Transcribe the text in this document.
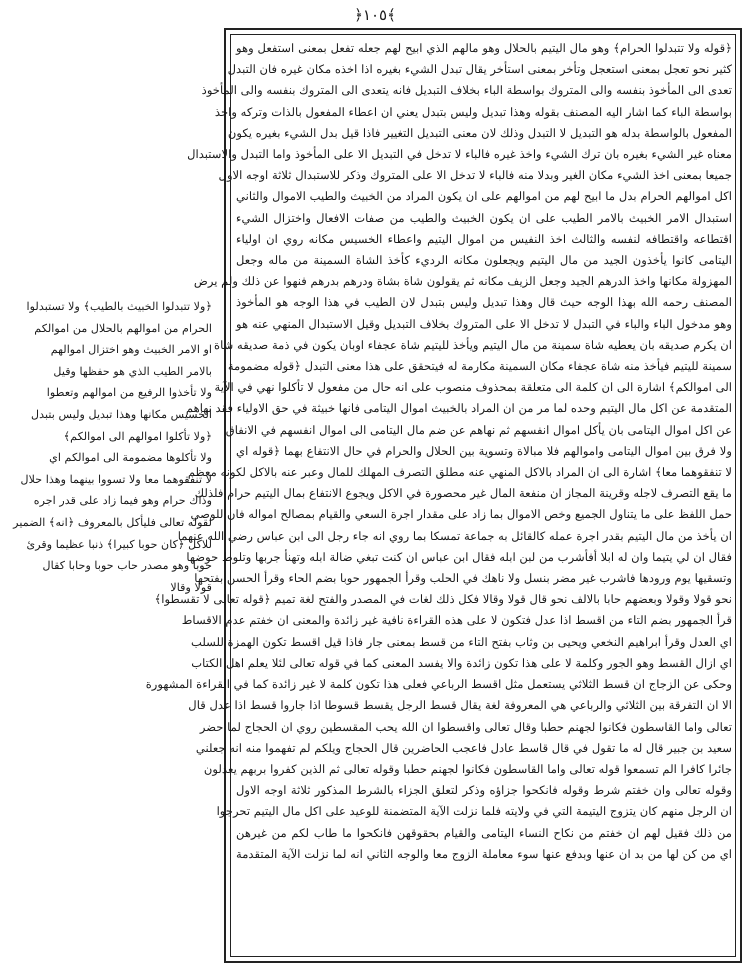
﴿١٠٥﴾
﴿قوله ولا تتبدلوا الحرام﴾ وهو مال اليتيم بالحلال وهو مالهم الذي ابيح لهم جعله تفعل بمعنى استفعل وهو
كثير نحو تعجل بمعنى استعجل وتأخر بمعنى استأخر يقال تبدل الشيء بغيره اذا اخذه مكان غيره فان التبدل
تعدى الى المأخوذ بنفسه والى المتروك بواسطة الباء بخلاف التبديل فانه يتعدى الى المتروك بنفسه والى المأخوذ
بواسطة الباء كما اشار اليه المصنف بقوله وهذا تبديل وليس بتبدل يعني ان اعطاء المفعول بالذات وتركه واخذ
المفعول بالواسطة بدله هو التبديل لا التبدل وذلك لان معنى التبديل التغيير فاذا قيل بدل الشيء بغيره يكون
معناه غير الشيء بغيره بان ترك الشيء واخذ غيره فالباء لا تدخل في التبديل الا على المأخوذ واما التبدل والاستبدال
جميعا بمعنى اخذ الشيء مكان الغير وبدلا منه فالباء لا تدخل الا على المتروك وذكر للاستبدال ثلاثة اوجه الاول
اكل اموالهم الحرام بدل ما ابيح لهم من اموالهم على ان يكون المراد من الخبيث والطيب الاموال والثاني
استبدال الامر الخبيث بالامر الطيب على ان يكون الخبيث والطيب من صفات الافعال واختزال الشيء
اقتطاعه واقتطافه لنفسه والثالث اخذ النفيس من اموال اليتيم واعطاء الخسيس مكانه روي ان اولياء
اليتامى كانوا يأخذون الجيد من مال اليتيم ويجعلون مكانه الرديء كأخذ الشاة السمينة من ماله وجعل
المهزولة مكانها واخذ الدرهم الجيد وجعل الزيف مكانه ثم يقولون شاة بشاة ودرهم بدرهم فنهوا عن ذلك ولم يرض
المصنف رحمه الله بهذا الوجه حيث قال وهذا تبديل وليس بتبدل لان الطيب في هذا الوجه هو المأخوذ
وهو مدخول الباء والباء في التبدل لا تدخل الا على المتروك بخلاف التبديل وقيل الاستبدال المنهي عنه هو
ان يكرم صديقه بان يعطيه شاة سمينة من مال اليتيم ويأخذ لليتيم شاة عجفاء اوبان يكون في ذمة صديقه شاة
سمينة لليتيم فيأخذ منه شاة عجفاء مكان السمينة مكارمة له فيتحقق على هذا معنى التبدل ﴿قوله مضمومة
الى اموالكم﴾ اشارة الى ان كلمة الى متعلقة بمحذوف منصوب على انه حال من مفعول لا تأكلوا نهي في الآية
المتقدمة عن اكل مال اليتيم وحده لما مر من ان المراد بالخبيث اموال اليتامى فانها خبيثة في حق الاولياء فقد نهاهم
عن اكل اموال اليتامى بان يأكل اموال انفسهم ثم نهاهم عن ضم مال اليتامى الى اموال انفسهم في الانفاق
ولا فرق بين اموال اليتامى واموالهم فلا مبالاة وتسوية بين الحلال والحرام في حال الانتفاع بهما ﴿قوله اي
لا تنفقوهما معا﴾ اشارة الى ان المراد بالاكل المنهي عنه مطلق التصرف المهلك للمال وعبر عنه بالاكل لكونه معظم
ما يقع التصرف لاجله وقرينة المجاز ان منفعة المال غير محصورة في الاكل ويجوع الانتفاع بمال اليتيم حرام فلذلك
حمل اللفظ على ما يتناول الجميع وخص الاموال بما زاد على مقدار اجرة السعي والقيام بمصالح امواله فان للوصي
ان يأخذ من مال اليتيم بقدر اجرة عمله كالقائل به جماعة تمسكا بما روي انه جاء رجل الى ابن عباس رضي الله عنهما
فقال ان لي يتيما وان له ابلا أفأشرب من لبن ابله فقال ابن عباس ان كنت تبغي ضالة ابله وتهنأ جربها وتلوط حوضها
وتسقيها يوم ورودها فاشرب غير مضر بنسل ولا ناهك في الحلب وقرأ الجمهور حوبا بضم الحاء وقرأ الحسن بفتحها
نحو قولا وقولا وبعضهم حابا بالالف نحو قال قولا وقالا فكل ذلك لغات في المصدر والفتح لغة تميم ﴿قوله تعالى لا تقسطوا﴾
قرأ الجمهور بضم التاء من اقسط اذا عدل فتكون لا على هذه القراءة نافية غير زائدة والمعنى ان خفتم عدم الاقساط
اي العدل وقرأ ابراهيم النخعي ويحيى بن وثاب بفتح التاء من قسط بمعنى جار فاذا قيل اقسط تكون الهمزة للسلب
اي ازال القسط وهو الجور وكلمة لا على هذا تكون زائدة والا يفسد المعنى كما في قوله تعالى لئلا يعلم اهل الكتاب
وحكى عن الزجاج ان قسط الثلاثي يستعمل مثل اقسط الرباعي فعلى هذا تكون كلمة لا غير زائدة كما في القراءة المشهورة
الا ان التفرقة بين الثلاثي والرباعي هي المعروفة لغة يقال قسط الرجل يقسط قسوطا اذا جاروا قسط اذا عدل قال
تعالى واما القاسطون فكانوا لجهنم حطبا وقال تعالى واقسطوا ان الله يحب المقسطين روي ان الحجاج لما حضر
سعيد بن جبير قال له ما تقول في قال قاسط عادل فاعجب الحاضرين قال الحجاج ويلكم لم تفهموا منه انه جعلني
جائرا كافرا الم تسمعوا قوله تعالى واما القاسطون فكانوا لجهنم حطبا وقوله تعالى ثم الذين كفروا بربهم يعدلون
وقوله تعالى وان خفتم شرط وقوله فانكحوا جزاؤه وذكر لتعلق الجزاء بالشرط المذكور ثلاثة اوجه الاول
ان الرجل منهم كان يتزوج اليتيمة التي في ولايته فلما نزلت الآية المتضمنة للوعيد على اكل مال اليتيم تحرجوا
من ذلك فقيل لهم ان خفتم من نكاح النساء اليتامى والقيام بحقوقهن فانكحوا ما طاب لكم من غيرهن
اي من كن لها من بد ان عنها وبدفع عنها سوء معاملة الزوج معا والوجه الثاني انه لما نزلت الآية المتقدمة
﴿ولا تتبدلوا الخبيث بالطيب﴾ ولا تستبدلوا
الحرام من اموالهم بالحلال من اموالكم
او الامر الخبيث وهو اختزال اموالهم
بالامر الطيب الذي هو حفظها وقيل
ولا تأخذوا الرفيع من اموالهم وتعطوا
الخسيس مكانها وهذا تبديل وليس بتبدل
﴿ولا تأكلوا اموالهم الى اموالكم﴾
ولا تأكلوها مضمومة الى اموالكم اي
لا تنفقوهما معا ولا تسووا بينهما وهذا حلال
وذاك حرام وهو فيما زاد على قدر اجره
لقوله تعالى فليأكل بالمعروف ﴿انه﴾ الضمير
للاكل ﴿كان حوبا كبيرا﴾ ذنبا عظيما وقرئ
حوبا وهو مصدر حاب حوبا وحابا كقال
قولا وقالا
